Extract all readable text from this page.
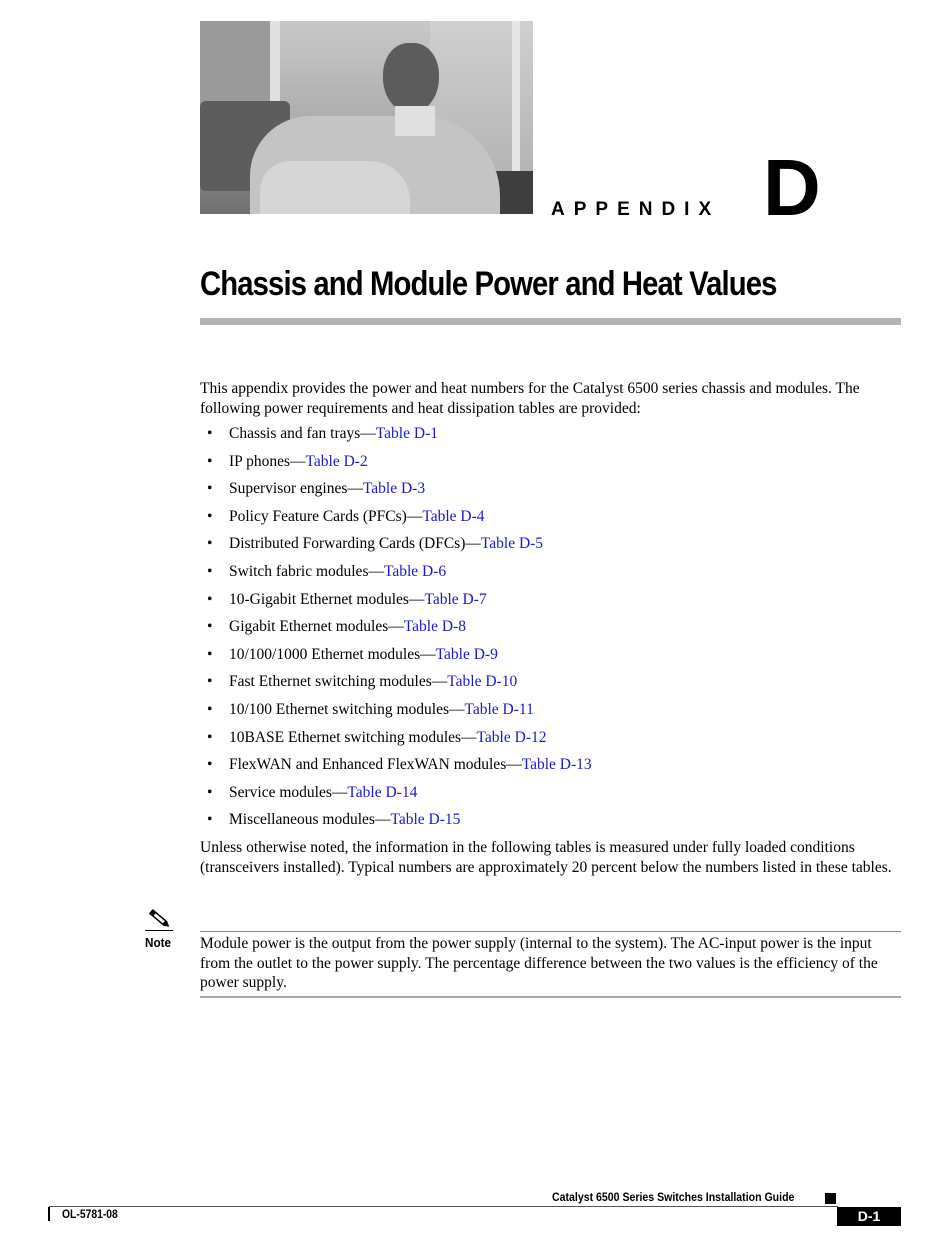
APPENDIX D
Chassis and Module Power and Heat Values
This appendix provides the power and heat numbers for the Catalyst 6500 series chassis and modules. The following power requirements and heat dissipation tables are provided:
• Chassis and fan trays—Table D-1
• IP phones—Table D-2
• Supervisor engines—Table D-3
• Policy Feature Cards (PFCs)—Table D-4
• Distributed Forwarding Cards (DFCs)—Table D-5
• Switch fabric modules—Table D-6
• 10-Gigabit Ethernet modules—Table D-7
• Gigabit Ethernet modules—Table D-8
• 10/100/1000 Ethernet modules—Table D-9
• Fast Ethernet switching modules—Table D-10
• 10/100 Ethernet switching modules—Table D-11
• 10BASE Ethernet switching modules—Table D-12
• FlexWAN and Enhanced FlexWAN modules—Table D-13
• Service modules—Table D-14
• Miscellaneous modules—Table D-15
Unless otherwise noted, the information in the following tables is measured under fully loaded conditions (transceivers installed). Typical numbers are approximately 20 percent below the numbers listed in these tables.
Note Module power is the output from the power supply (internal to the system). The AC-input power is the input from the outlet to the power supply. The percentage difference between the two values is the efficiency of the power supply.
Catalyst 6500 Series Switches Installation Guide
OL-5781-08	D-1
